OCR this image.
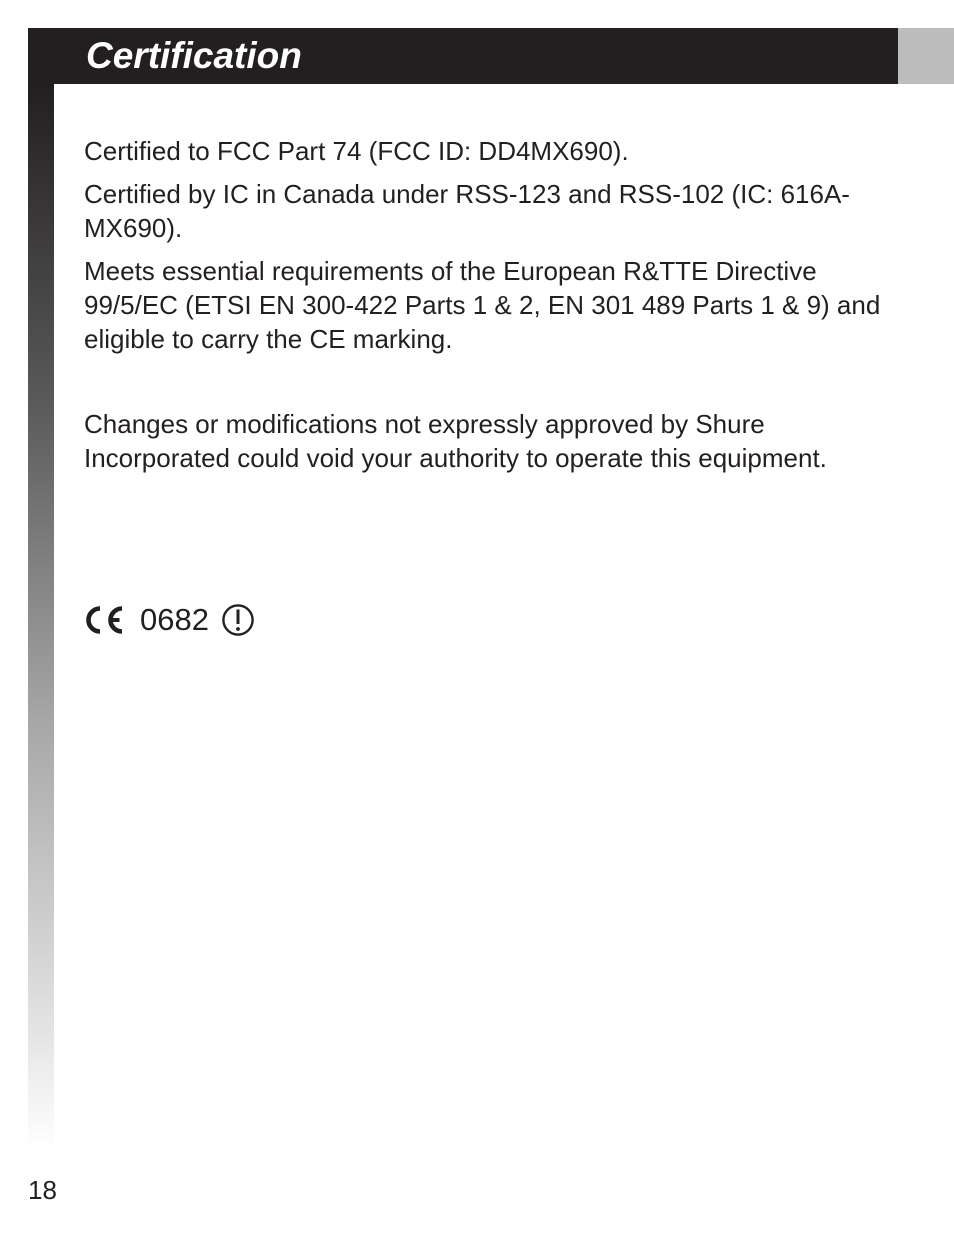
Certification

Certified to FCC Part 74 (FCC ID: DD4MX690).

Certified by IC in Canada under RSS-123 and RSS-102 (IC: 616A-MX690).

Meets essential requirements of the European R&TTE Directive 99/5/EC (ETSI EN 300-422 Parts 1 & 2, EN 301 489 Parts 1 & 9) and eligible to carry the CE marking.

Changes or modifications not expressly approved by Shure Incorporated could void your authority to operate this equipment.

0682
18
